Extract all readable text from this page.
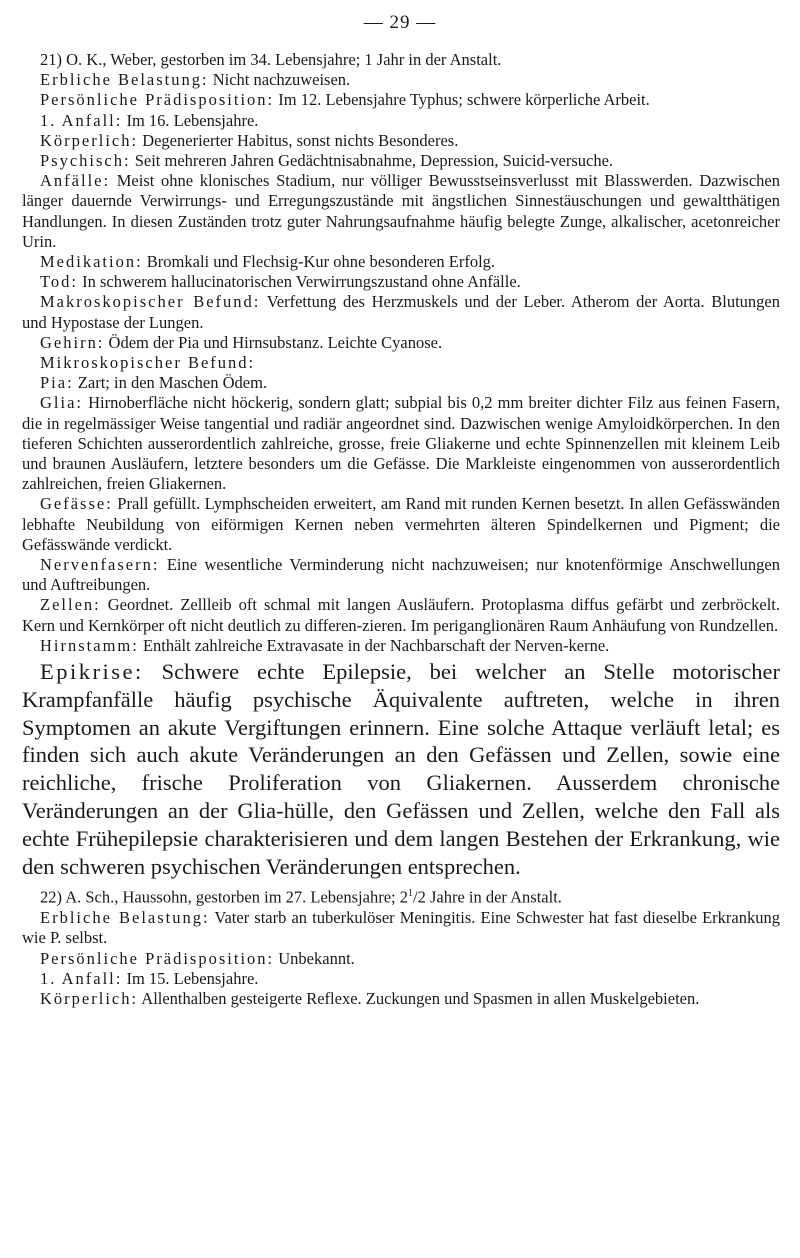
— 29 —

21) O. K., Weber, gestorben im 34. Lebensjahre; 1 Jahr in der Anstalt.

Erbliche Belastung: Nicht nachzuweisen.

Persönliche Prädisposition: Im 12. Lebensjahre Typhus; schwere körperliche Arbeit.

1. Anfall: Im 16. Lebensjahre.

Körperlich: Degenerierter Habitus, sonst nichts Besonderes.

Psychisch: Seit mehreren Jahren Gedächtnisabnahme, Depression, Suicid-versuche.

Anfälle: Meist ohne klonisches Stadium, nur völliger Bewusstseinsverlusst mit Blasswerden. Dazwischen länger dauernde Verwirrungs- und Erregungszustände mit ängstlichen Sinnestäuschungen und gewaltthätigen Handlungen. In diesen Zuständen trotz guter Nahrungsaufnahme häufig belegte Zunge, alkalischer, acetonreicher Urin.

Medikation: Bromkali und Flechsig-Kur ohne besonderen Erfolg.

Tod: In schwerem hallucinatorischen Verwirrungszustand ohne Anfälle.

Makroskopischer Befund: Verfettung des Herzmuskels und der Leber. Atherom der Aorta. Blutungen und Hypostase der Lungen.

Gehirn: Ödem der Pia und Hirnsubstanz. Leichte Cyanose.

Mikroskopischer Befund:

Pia: Zart; in den Maschen Ödem.

Glia: Hirnoberfläche nicht höckerig, sondern glatt; subpial bis 0,2 mm breiter dichter Filz aus feinen Fasern, die in regelmässiger Weise tangential und radiär angeordnet sind. Dazwischen wenige Amyloidkörperchen. In den tieferen Schichten ausserordentlich zahlreiche, grosse, freie Gliakerne und echte Spinnenzellen mit kleinem Leib und braunen Ausläufern, letztere besonders um die Gefässe. Die Markleiste eingenommen von ausserordentlich zahlreichen, freien Gliakernen.

Gefässe: Prall gefüllt. Lymphscheiden erweitert, am Rand mit runden Kernen besetzt. In allen Gefässwänden lebhafte Neubildung von eiförmigen Kernen neben vermehrten älteren Spindelkernen und Pigment; die Gefässwände verdickt.

Nervenfasern: Eine wesentliche Verminderung nicht nachzuweisen; nur knotenförmige Anschwellungen und Auftreibungen.

Zellen: Geordnet. Zellleib oft schmal mit langen Ausläufern. Protoplasma diffus gefärbt und zerbröckelt. Kern und Kernkörper oft nicht deutlich zu differen-zieren. Im periganglionären Raum Anhäufung von Rundzellen.

Hirnstamm: Enthält zahlreiche Extravasate in der Nachbarschaft der Nerven-kerne.

Epikrise: Schwere echte Epilepsie, bei welcher an Stelle motorischer Krampfanfälle häufig psychische Äquivalente auftreten, welche in ihren Symptomen an akute Vergiftungen erinnern. Eine solche Attaque verläuft letal; es finden sich auch akute Veränderungen an den Gefässen und Zellen, sowie eine reichliche, frische Proliferation von Gliakernen. Ausserdem chronische Veränderungen an der Glia-hülle, den Gefässen und Zellen, welche den Fall als echte Frühepilepsie charakterisieren und dem langen Bestehen der Erkrankung, wie den schweren psychischen Veränderungen entsprechen.

22) A. Sch., Haussohn, gestorben im 27. Lebensjahre; $2^1/2$ Jahre in der Anstalt.

Erbliche Belastung: Vater starb an tuberkulöser Meningitis. Eine Schwester hat fast dieselbe Erkrankung wie P. selbst.

Persönliche Prädisposition: Unbekannt.

1. Anfall: Im 15. Lebensjahre.

Körperlich: Allenthalben gesteigerte Reflexe. Zuckungen und Spasmen in allen Muskelgebieten.
